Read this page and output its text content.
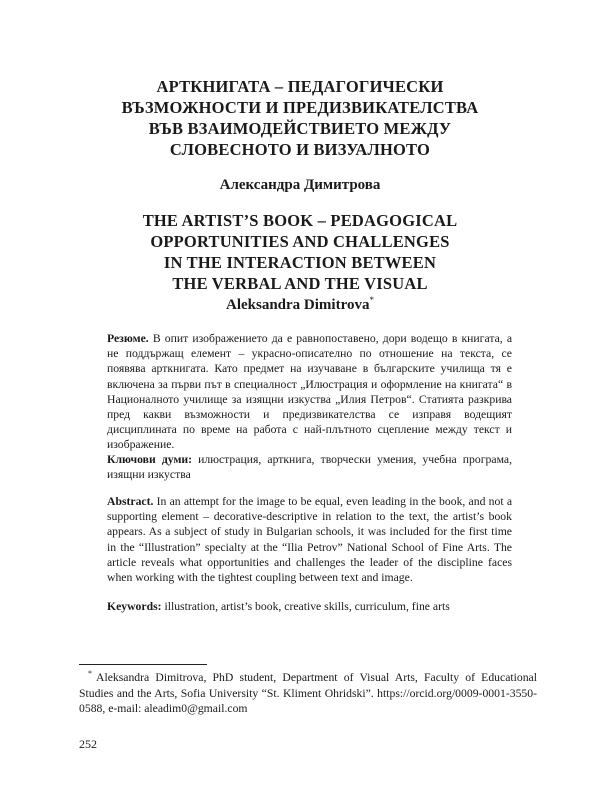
АРТКНИГАТА – ПЕДАГОГИЧЕСКИ
ВЪЗМОЖНОСТИ И ПРЕДИЗВИКАТЕЛСТВА
ВЪВ ВЗАИМОДЕЙСТВИЕТО МЕЖДУ
СЛОВЕСНОТО И ВИЗУАЛНОТО

Александра Димитрова

THE ARTIST’S BOOK – PEDAGOGICAL
OPPORTUNITIES AND CHALLENGES
IN THE INTERACTION BETWEEN
THE VERBAL AND THE VISUAL

Aleksandra Dimitrova*

Резюме. В опит изображението да е равнопоставено, дори водещо в книгата, а не поддържащ елемент – украсно-описателно по отношение на текста, се появява арткнигата. Като предмет на изучаване в българските училища тя е включена за първи път в специалност „Илюстрация и оформление на книгата“ в Националното училище за изящни изкуства „Илия Петров“. Статията разкрива пред какви възможности и предизвикателства се изправя водещият дисциплината по време на работа с най-плътното сцепление между текст и изображение.

Ключови думи: илюстрация, арткнига, творчески умения, учебна програма, изящни изкуства

Abstract. In an attempt for the image to be equal, even leading in the book, and not a supporting element – decorative-descriptive in relation to the text, the artist’s book appears. As a subject of study in Bulgarian schools, it was included for the first time in the “Illustration” specialty at the “Ilia Petrov” National School of Fine Arts. The article reveals what opportunities and challenges the leader of the discipline faces when working with the tightest coupling between text and image.

Keywords: illustration, artist’s book, creative skills, curriculum, fine arts

* Aleksandra Dimitrova, PhD student, Department of Visual Arts, Faculty of Educational Studies and the Arts, Sofia University “St. Kliment Ohridski”. https://orcid.org/0009-0001-3550-0588, e-mail: aleadim0@gmail.com

252
